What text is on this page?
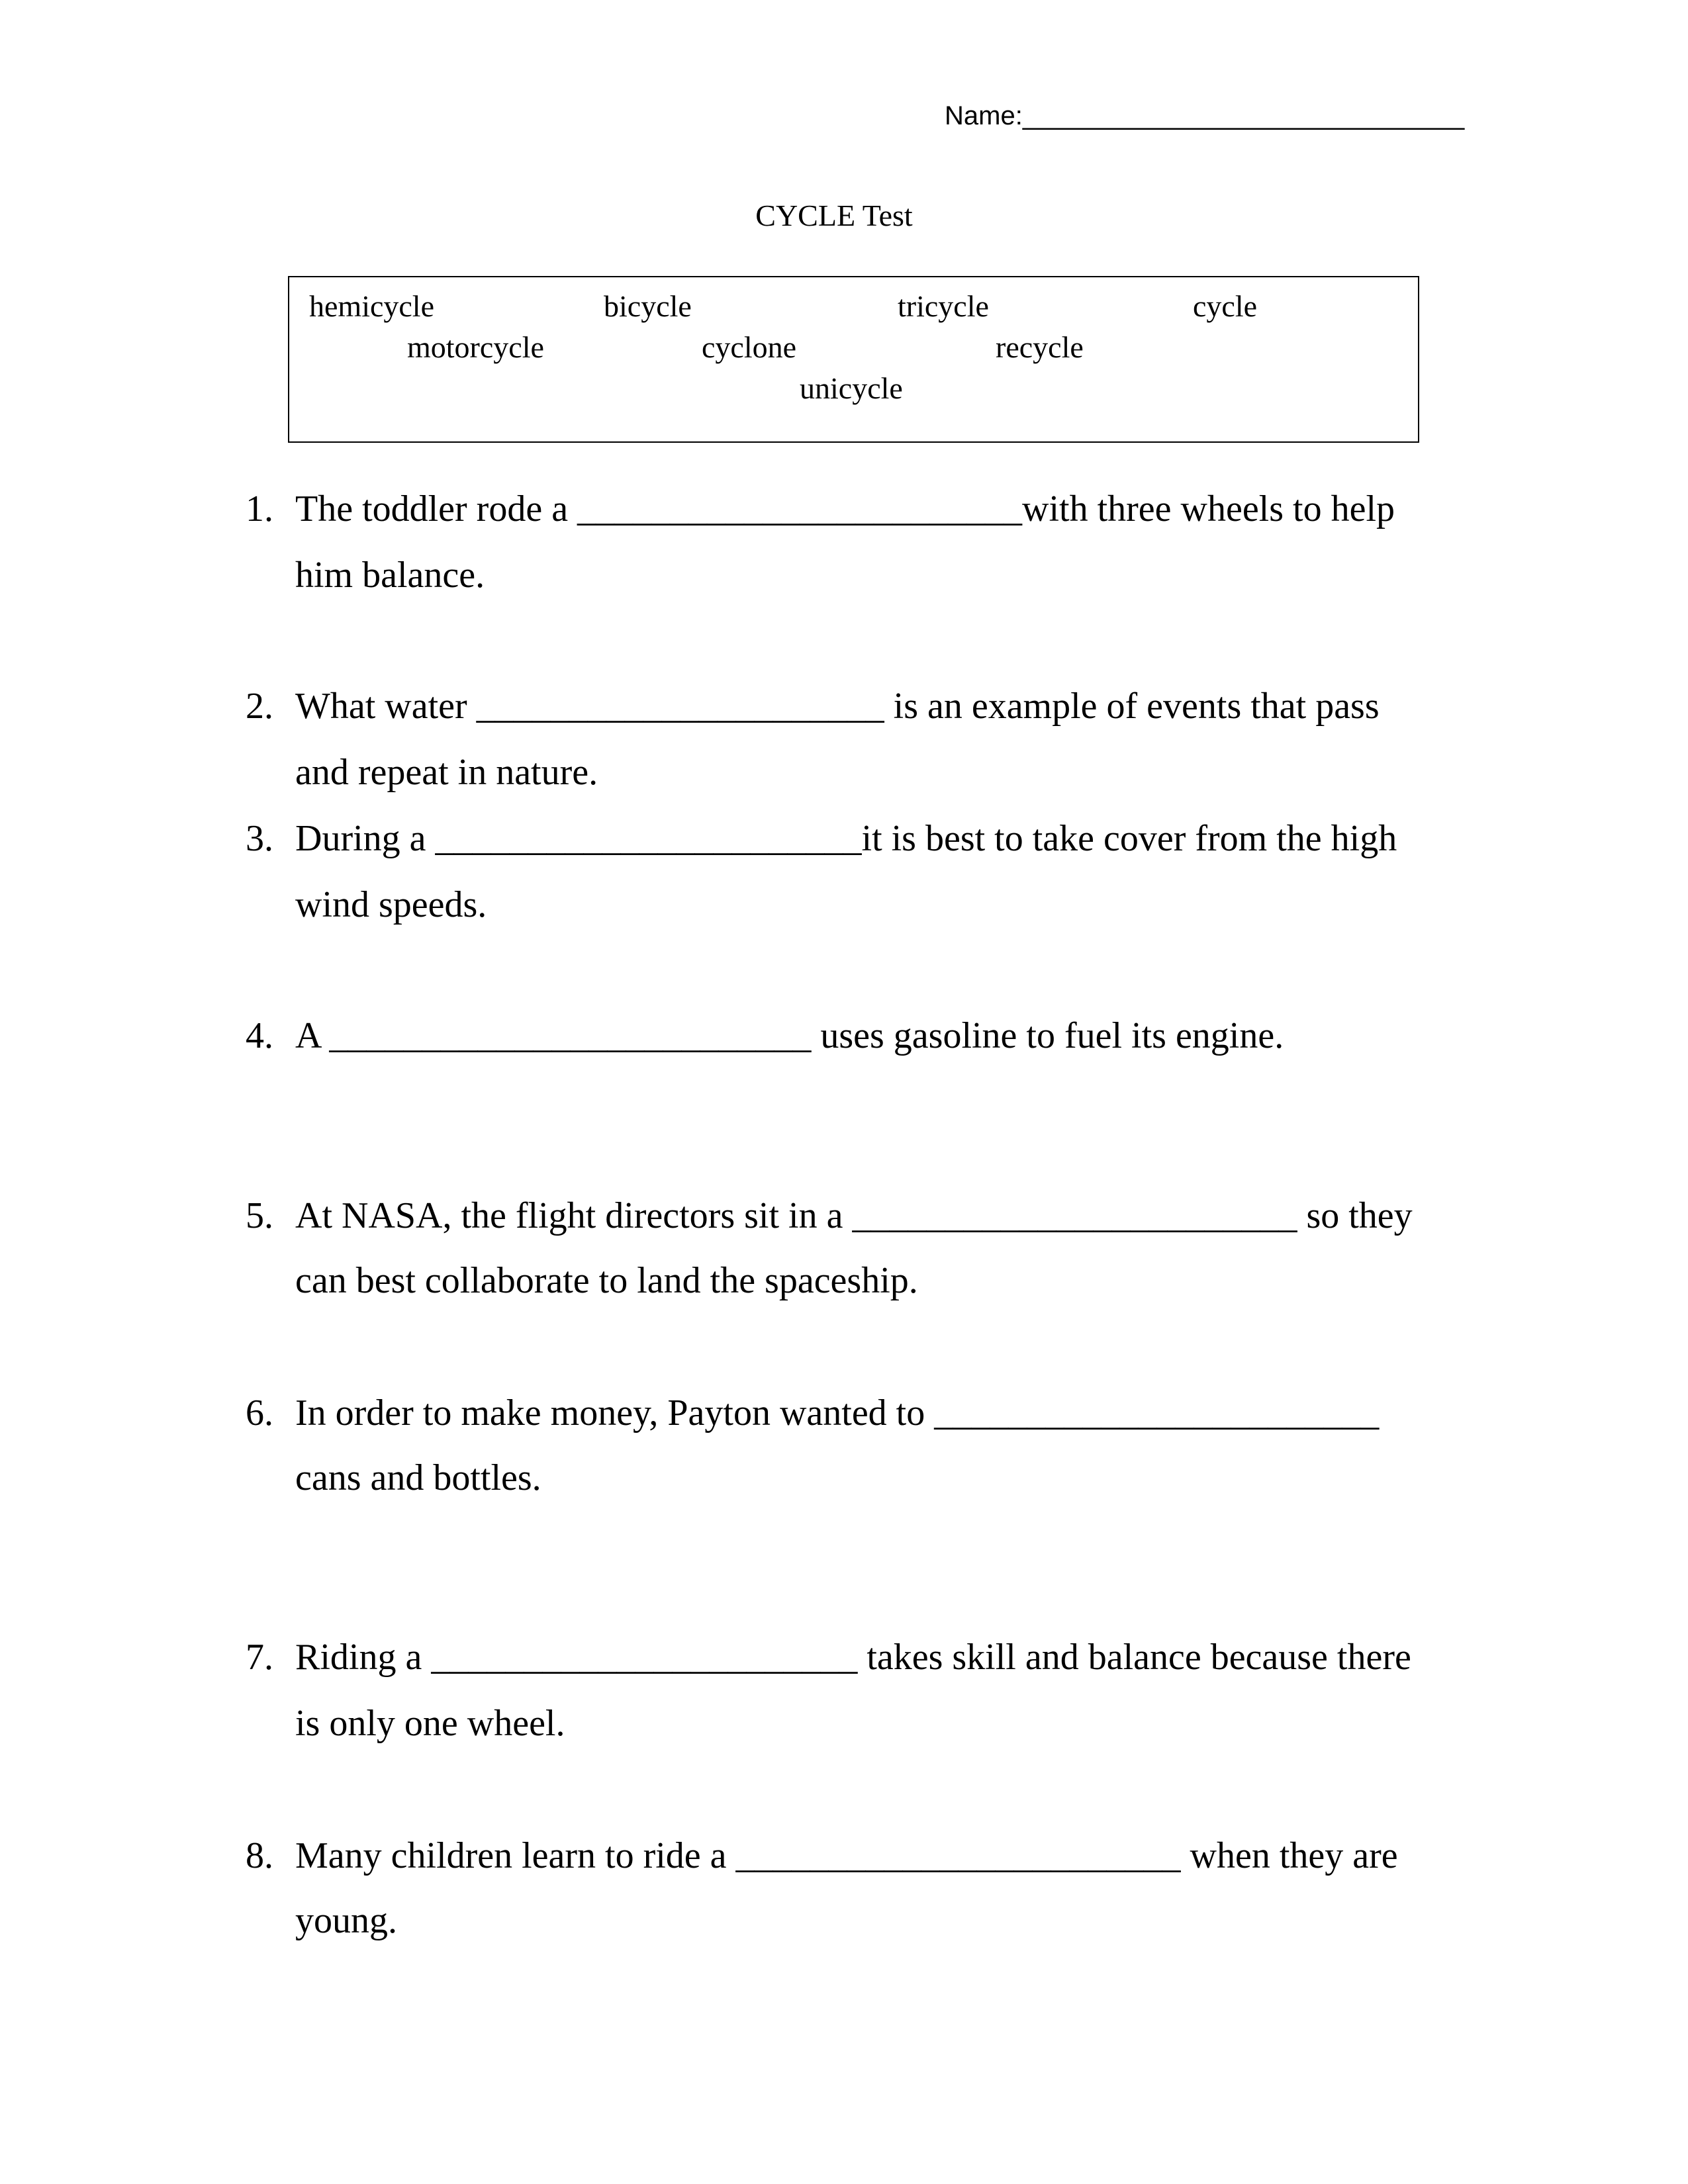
Name:______________________________
CYCLE Test
hemicycle	bicycle	tricycle	cycle
motorcycle	cyclone	recycle
unicycle
1. The toddler rode a ________________________with three wheels to help
him balance.
2. What water ______________________ is an example of events that pass
and repeat in nature.
3. During a _______________________it is best to take cover from the high
wind speeds.
4. A __________________________ uses gasoline to fuel its engine.
5. At NASA, the flight directors sit in a ________________________ so they
can best collaborate to land the spaceship.
6. In order to make money, Payton wanted to ________________________
cans and bottles.
7. Riding a _______________________ takes skill and balance because there
is only one wheel.
8. Many children learn to ride a ________________________ when they are
young.
